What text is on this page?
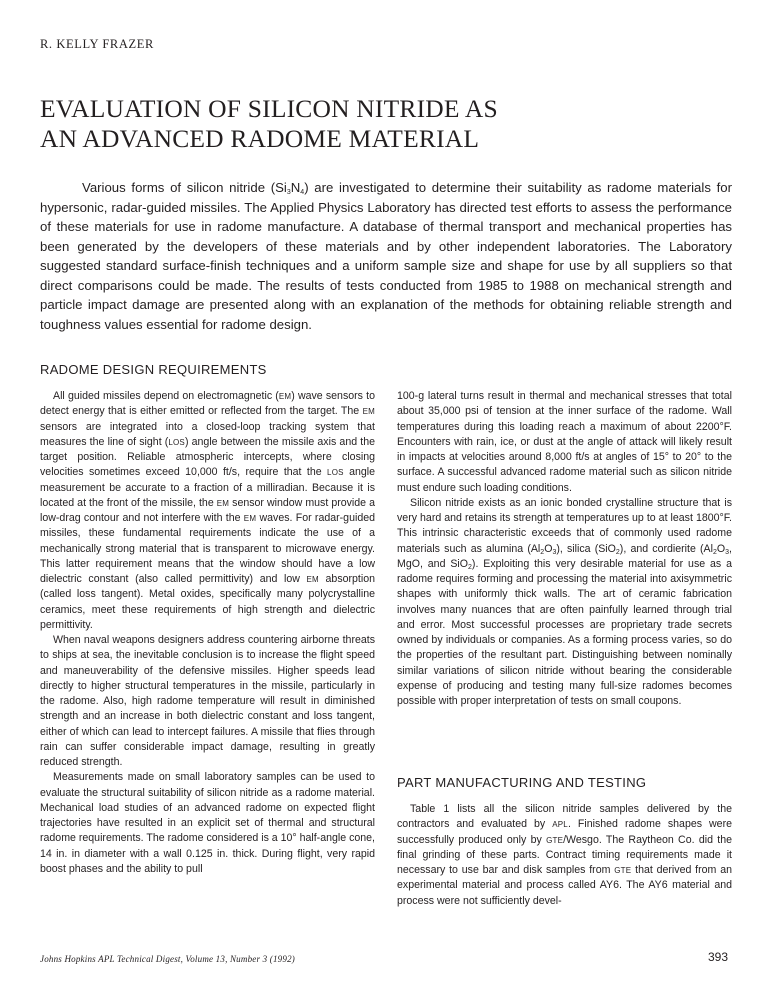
R. KELLY FRAZER
EVALUATION OF SILICON NITRIDE AS
AN ADVANCED RADOME MATERIAL

Various forms of silicon nitride $(Si_3N_4)$ are investigated to determine their suitability as radome materials for hypersonic, radar-guided missiles. The Applied Physics Laboratory has directed test efforts to assess the performance of these materials for use in radome manufacture. A database of thermal transport and mechanical properties has been generated by the developers of these materials and by other independent laboratories. The Laboratory suggested standard surface-finish techniques and a uniform sample size and shape for use by all suppliers so that direct comparisons could be made. The results of tests conducted from 1985 to 1988 on mechanical strength and particle impact damage are presented along with an explanation of the methods for obtaining reliable strength and toughness values essential for radome design.

RADOME DESIGN REQUIREMENTS

All guided missiles depend on electromagnetic (EM) wave sensors to detect energy that is either emitted or reflected from the target. The EM sensors are integrated into a closed-loop tracking system that measures the line of sight (LOS) angle between the missile axis and the target position. Reliable atmospheric intercepts, where closing velocities sometimes exceed 10,000 ft/s, require that the LOS angle measurement be accurate to a fraction of a milliradian. Because it is located at the front of the missile, the EM sensor window must provide a low-drag contour and not interfere with the EM waves. For radar-guided missiles, these fundamental requirements indicate the use of a mechanically strong material that is transparent to microwave energy. This latter requirement means that the window should have a low dielectric constant (also called permittivity) and low EM absorption (called loss tangent). Metal oxides, specifically many polycrystalline ceramics, meet these requirements of high strength and dielectric permittivity.

When naval weapons designers address countering airborne threats to ships at sea, the inevitable conclusion is to increase the flight speed and maneuverability of the defensive missiles. Higher speeds lead directly to higher structural temperatures in the missile, particularly in the radome. Also, high radome temperature will result in diminished strength and an increase in both dielectric constant and loss tangent, either of which can lead to intercept failures. A missile that flies through rain can suffer considerable impact damage, resulting in greatly reduced strength.

Measurements made on small laboratory samples can be used to evaluate the structural suitability of silicon nitride as a radome material. Mechanical load studies of an advanced radome on expected flight trajectories have resulted in an explicit set of thermal and structural radome requirements. The radome considered is a 10° half-angle cone, 14 in. in diameter with a wall 0.125 in. thick. During flight, very rapid boost phases and the ability to pull

100-g lateral turns result in thermal and mechanical stresses that total about 35,000 psi of tension at the inner surface of the radome. Wall temperatures during this loading reach a maximum of about 2200°F. Encounters with rain, ice, or dust at the angle of attack will likely result in impacts at velocities around 8,000 ft/s at angles of 15° to 20° to the surface. A successful advanced radome material such as silicon nitride must endure such loading conditions.

Silicon nitride exists as an ionic bonded crystalline structure that is very hard and retains its strength at temperatures up to at least 1800°F. This intrinsic characteristic exceeds that of commonly used radome materials such as alumina $(Al_2O_3)$, silica (SiO$_2$), and cordierite ($Al_2O_3$, MgO, and SiO$_2$). Exploiting this very desirable material for use as a radome requires forming and processing the material into axisymmetric shapes with uniformly thick walls. The art of ceramic fabrication involves many nuances that are often painfully learned through trial and error. Most successful processes are proprietary trade secrets owned by individuals or companies. As a forming process varies, so do the properties of the resultant part. Distinguishing between nominally similar variations of silicon nitride without bearing the considerable expense of producing and testing many full-size radomes becomes possible with proper interpretation of tests on small coupons.

PART MANUFACTURING AND TESTING

Table 1 lists all the silicon nitride samples delivered by the contractors and evaluated by APL. Finished radome shapes were successfully produced only by GTE/Wesgo. The Raytheon Co. did the final grinding of these parts. Contract timing requirements made it necessary to use bar and disk samples from GTE that derived from an experimental material and process called AY6. The AY6 material and process were not sufficiently devel-

Johns Hopkins APL Technical Digest, Volume 13, Number 3 (1992)	393
